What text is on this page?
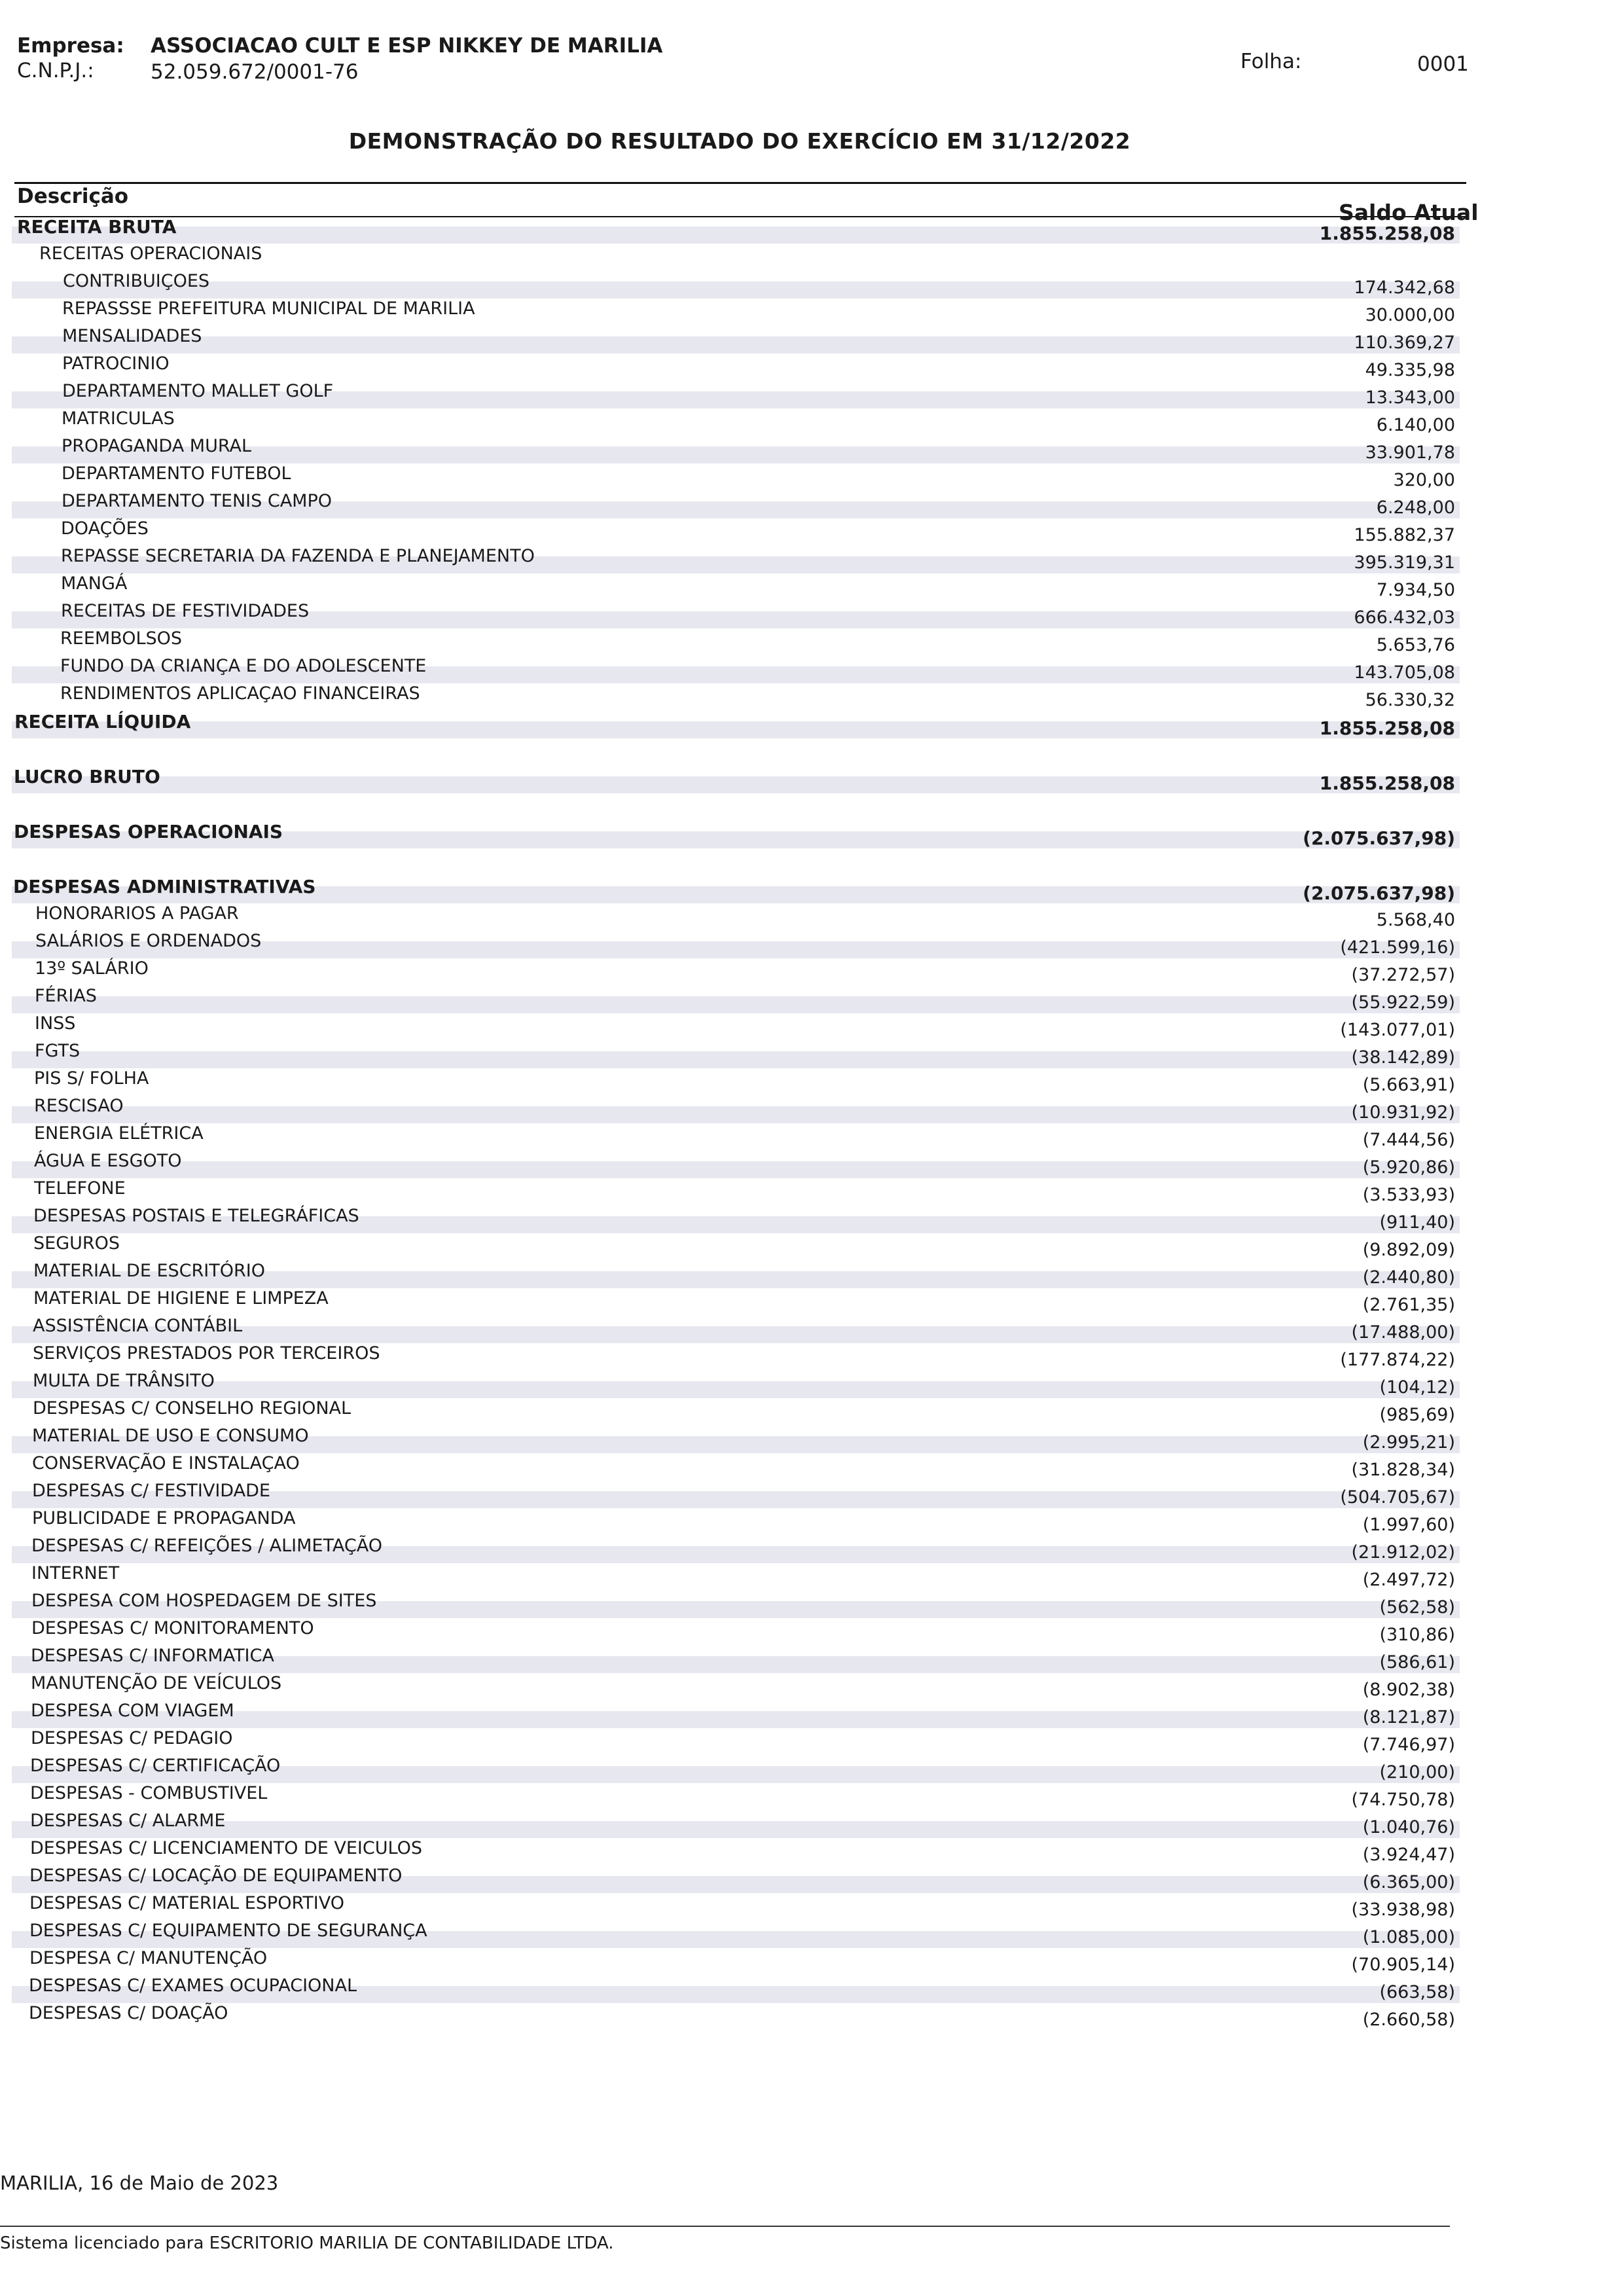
Empresa: ASSOCIACAO CULT E ESP NIKKEY DE MARILIA
C.N.P.J.:	52.059.672/0001-76	Folha:	0001
DEMONSTRAÇÃO DO RESULTADO DO EXERCÍCIO EM 31/12/2022
Descrição
Saldo Atual
RECEITA BRUTA	1.855.258,08
RECEITAS OPERACIONAIS
CONTRIBUIÇOES	174.342,68
REPASSSE PREFEITURA MUNICIPAL DE MARILIA	30.000,00
MENSALIDADES	110.369,27
PATROCINIO	49.335,98
DEPARTAMENTO MALLET GOLF	13.343,00
MATRICULAS	6.140,00
PROPAGANDA MURAL	33.901,78
DEPARTAMENTO FUTEBOL	320,00
DEPARTAMENTO TENIS CAMPO	6.248,00
DOAÇÕES	155.882,37
REPASSE SECRETARIA DA FAZENDA E PLANEJAMENTO	395.319,31
MANGÁ	7.934,50
RECEITAS DE FESTIVIDADES	666.432,03
REEMBOLSOS	5.653,76
FUNDO DA CRIANÇA E DO ADOLESCENTE	143.705,08
RENDIMENTOS APLICAÇAO FINANCEIRAS	56.330,32
RECEITA LÍQUIDA	1.855.258,08
LUCRO BRUTO	1.855.258,08
DESPESAS OPERACIONAIS	(2.075.637,98)
DESPESAS ADMINISTRATIVAS	(2.075.637,98)
HONORARIOS A PAGAR	5.568,40
SALÁRIOS E ORDENADOS	(421.599,16)
13º SALÁRIO	(37.272,57)
FÉRIAS	(55.922,59)
INSS	(143.077,01)
FGTS	(38.142,89)
PIS S/ FOLHA	(5.663,91)
RESCISAO	(10.931,92)
ENERGIA ELÉTRICA	(7.444,56)
ÁGUA E ESGOTO	(5.920,86)
TELEFONE	(3.533,93)
DESPESAS POSTAIS E TELEGRÁFICAS	(911,40)
SEGUROS	(9.892,09)
MATERIAL DE ESCRITÓRIO	(2.440,80)
MATERIAL DE HIGIENE E LIMPEZA	(2.761,35)
ASSISTÊNCIA CONTÁBIL	(17.488,00)
SERVIÇOS PRESTADOS POR TERCEIROS	(177.874,22)
MULTA DE TRÂNSITO	(104,12)
DESPESAS C/ CONSELHO REGIONAL	(985,69)
MATERIAL DE USO E CONSUMO	(2.995,21)
CONSERVAÇÃO E INSTALAÇAO	(31.828,34)
DESPESAS C/ FESTIVIDADE	(504.705,67)
PUBLICIDADE E PROPAGANDA	(1.997,60)
DESPESAS C/ REFEIÇÕES / ALIMETAÇÃO	(21.912,02)
INTERNET	(2.497,72)
DESPESA COM HOSPEDAGEM DE SITES	(562,58)
DESPESAS C/ MONITORAMENTO	(310,86)
DESPESAS C/ INFORMATICA	(586,61)
MANUTENÇÃO DE VEÍCULOS	(8.902,38)
DESPESA COM VIAGEM	(8.121,87)
DESPESAS C/ PEDAGIO	(7.746,97)
DESPESAS C/ CERTIFICAÇÃO	(210,00)
DESPESAS - COMBUSTIVEL	(74.750,78)
DESPESAS C/ ALARME	(1.040,76)
DESPESAS C/ LICENCIAMENTO DE VEICULOS	(3.924,47)
DESPESAS C/ LOCAÇÃO DE EQUIPAMENTO	(6.365,00)
DESPESAS C/ MATERIAL ESPORTIVO	(33.938,98)
DESPESAS C/ EQUIPAMENTO DE SEGURANÇA	(1.085,00)
DESPESA C/ MANUTENÇÃO	(70.905,14)
DESPESAS C/ EXAMES OCUPACIONAL	(663,58)
DESPESAS C/ DOAÇÃO	(2.660,58)
MARILIA, 16 de Maio de 2023
Sistema licenciado para ESCRITORIO MARILIA DE CONTABILIDADE LTDA.
